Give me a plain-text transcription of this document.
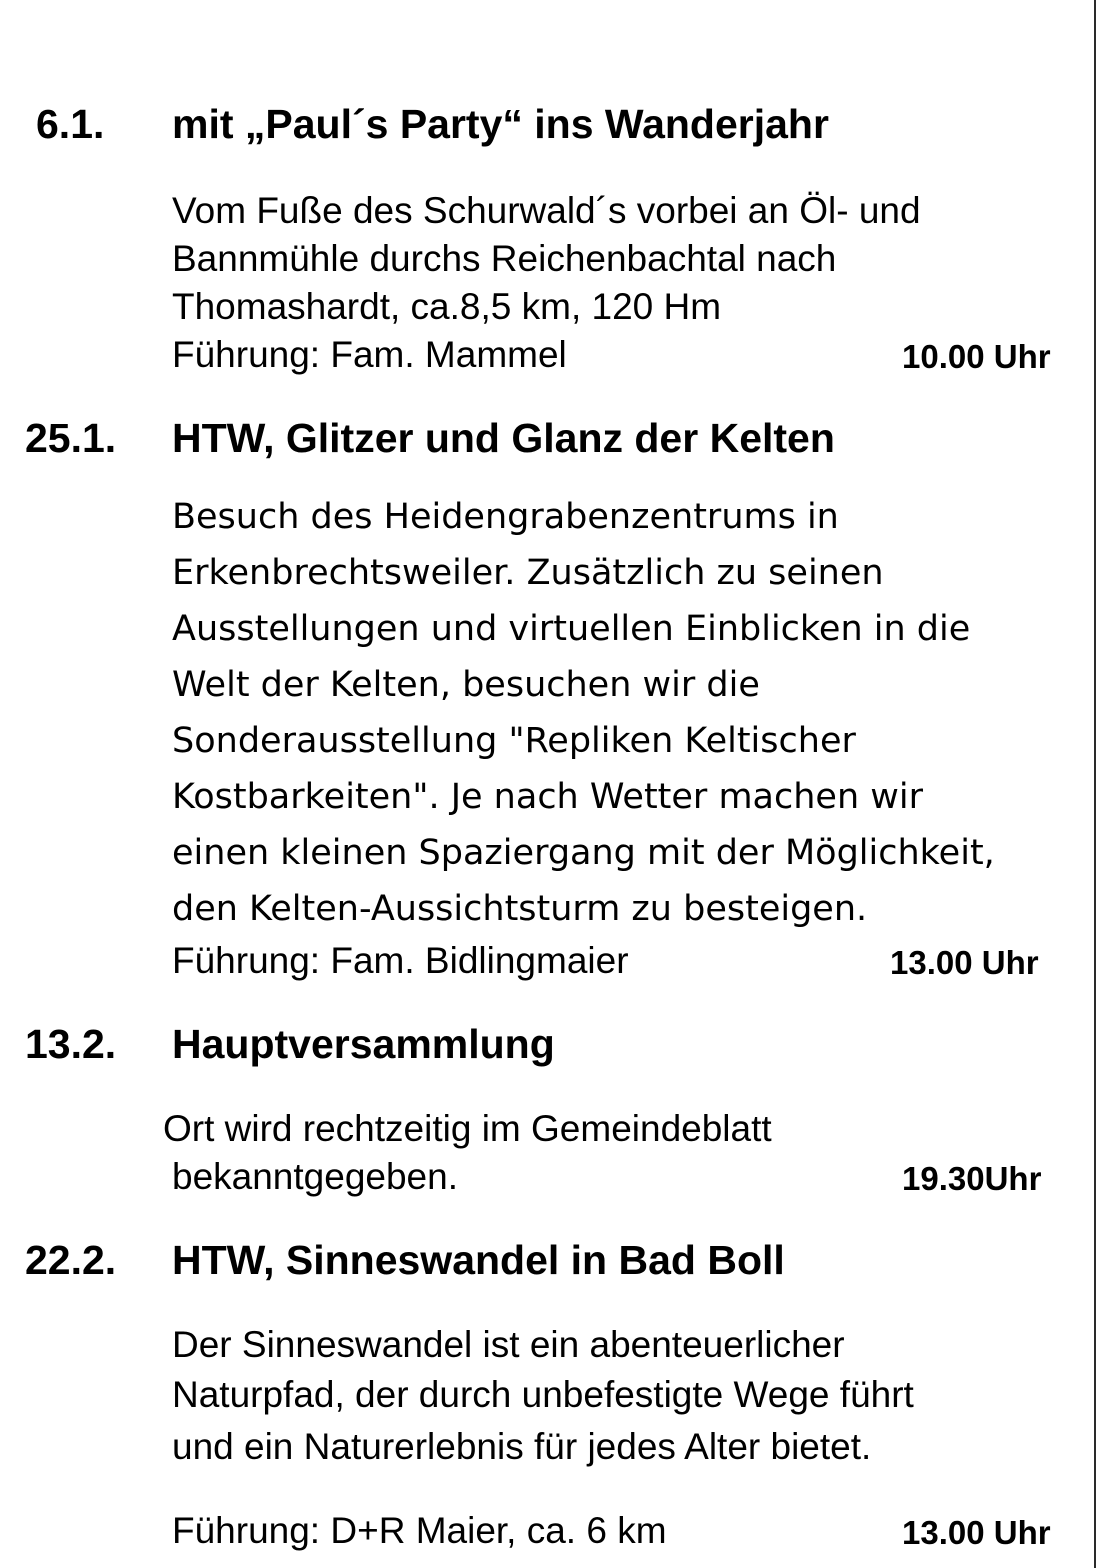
6.1. mit „Paul´s Party“ ins Wanderjahr
Vom Fuße des Schurwald´s vorbei an Öl- und
Bannmühle durchs Reichenbachtal nach
Thomashardt, ca.8,5 km, 120 Hm
Führung: Fam. Mammel	10.00 Uhr
25.1. HTW, Glitzer und Glanz der Kelten
Besuch des Heidengrabenzentrums in
Erkenbrechtsweiler. Zusätzlich zu seinen
Ausstellungen und virtuellen Einblicken in die
Welt der Kelten, besuchen wir die
Sonderausstellung "Repliken Keltischer
Kostbarkeiten". Je nach Wetter machen wir
einen kleinen Spaziergang mit der Möglichkeit,
den Kelten-Aussichtsturm zu besteigen.
Führung: Fam. Bidlingmaier	13.00 Uhr
13.2. Hauptversammlung
Ort wird rechtzeitig im Gemeindeblatt
bekanntgegeben.	19.30Uhr
22.2. HTW, Sinneswandel in Bad Boll
Der Sinneswandel ist ein abenteuerlicher
Naturpfad, der durch unbefestigte Wege führt
und ein Naturerlebnis für jedes Alter bietet.
Führung: D+R Maier, ca. 6 km	13.00 Uhr
